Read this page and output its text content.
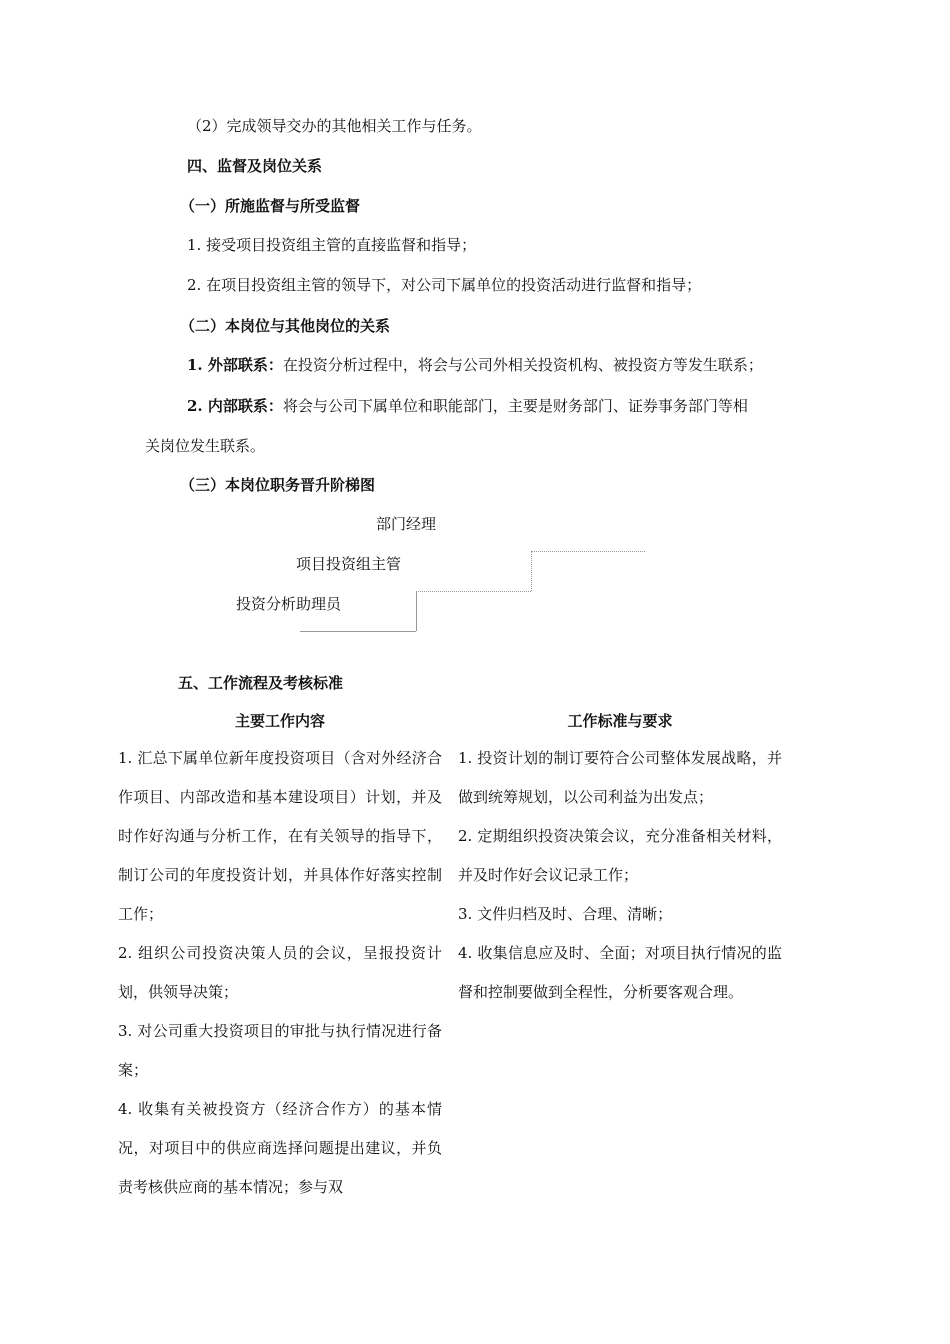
（2）完成领导交办的其他相关工作与任务。
四、监督及岗位关系
（一）所施监督与所受监督
1. 接受项目投资组主管的直接监督和指导；
2. 在项目投资组主管的领导下，对公司下属单位的投资活动进行监督和指导；
（二）本岗位与其他岗位的关系
1. 外部联系：在投资分析过程中，将会与公司外相关投资机构、被投资方等发生联系；
2. 内部联系：将会与公司下属单位和职能部门，主要是财务部门、证券事务部门等相
关岗位发生联系。
（三）本岗位职务晋升阶梯图
部门经理
项目投资组主管
投资分析助理员
五、工作流程及考核标准
主要工作内容	工作标准与要求
1. 汇总下属单位新年度投资项目（含对外经济合作项目、内部改造和基本建设项目）计划，并及时作好沟通与分析工作，在有关领导的指导下，制订公司的年度投资计划，并具体作好落实控制工作；
2. 组织公司投资决策人员的会议，呈报投资计划，供领导决策；
3. 对公司重大投资项目的审批与执行情况进行备案；
4. 收集有关被投资方（经济合作方）的基本情况，对项目中的供应商选择问题提出建议，并负责考核供应商的基本情况；参与双
1. 投资计划的制订要符合公司整体发展战略，并做到统筹规划，以公司利益为出发点；
2. 定期组织投资决策会议，充分准备相关材料，并及时作好会议记录工作；
3. 文件归档及时、合理、清晰；
4. 收集信息应及时、全面；对项目执行情况的监督和控制要做到全程性，分析要客观合理。
